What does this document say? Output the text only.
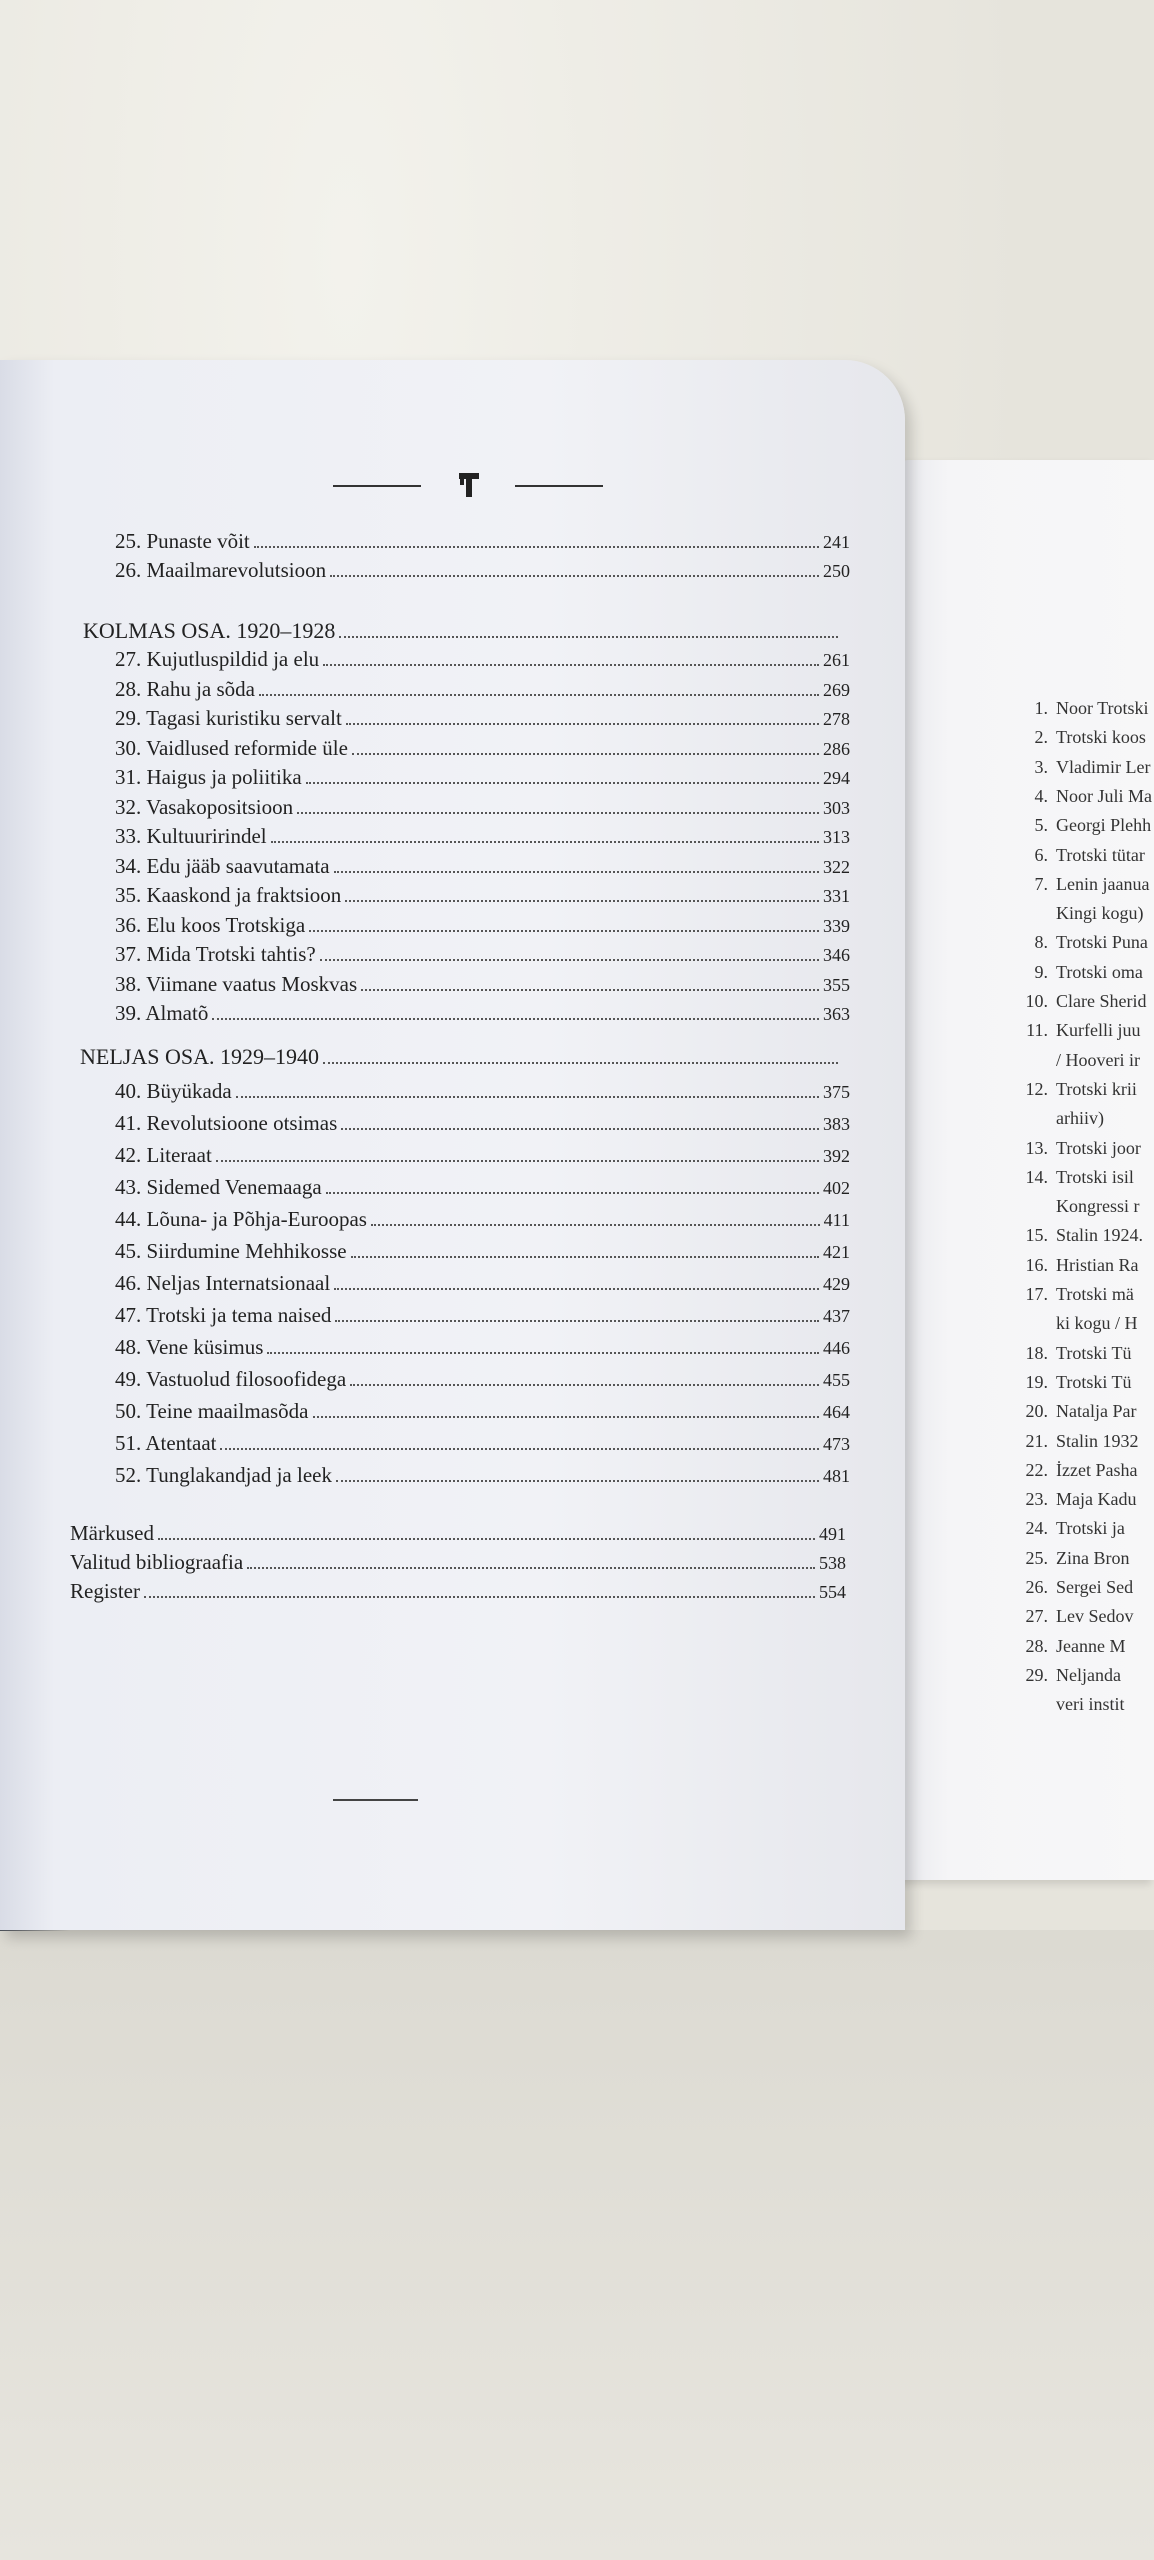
25. Punaste võit	241
26. Maailmarevolutsioon	250
KOLMAS OSA. 1920–1928
27. Kujutluspildid ja elu	261
28. Rahu ja sõda	269
29. Tagasi kuristiku servalt	278
30. Vaidlused reformide üle	286
31. Haigus ja poliitika	294
32. Vasakopositsioon	303
33. Kultuuririndel	313
34. Edu jääb saavutamata	322
35. Kaaskond ja fraktsioon	331
36. Elu koos Trotskiga	339
37. Mida Trotski tahtis?	346
38. Viimane vaatus Moskvas	355
39. Almatõ	363
NELJAS OSA. 1929–1940
40. Büyükada	375
41. Revolutsioone otsimas	383
42. Literaat	392
43. Sidemed Venemaaga	402
44. Lõuna- ja Põhja-Euroopas	411
45. Siirdumine Mehhikosse	421
46. Neljas Internatsionaal	429
47. Trotski ja tema naised	437
48. Vene küsimus	446
49. Vastuolud filosoofidega	455
50. Teine maailmasõda	464
51. Atentaat	473
52. Tunglakandjad ja leek	481
Märkused	491
Valitud bibliograafia	538
Register	554
1. Noor Trotski
2. Trotski koos
3. Vladimir Ler
4. Noor Juli Ma
5. Georgi Plehh
6. Trotski tütar
7. Lenin jaanua
Kingi kogu)
8. Trotski Puna
9. Trotski oma
10. Clare Sherid
11. Kurfelli juu
/ Hooveri ir
12. Trotski krii
arhiiv)
13. Trotski joor
14. Trotski isil
Kongressi r
15. Stalin 1924.
16. Hristian Ra
17. Trotski mä
ki kogu / H
18. Trotski Tü
19. Trotski Tü
20. Natalja Par
21. Stalin 1932
22. İzzet Pasha
23. Maja Kadu
24. Trotski ja
25. Zina Bron
26. Sergei Sed
27. Lev Sedov
28. Jeanne M
29. Neljanda
veri instit
